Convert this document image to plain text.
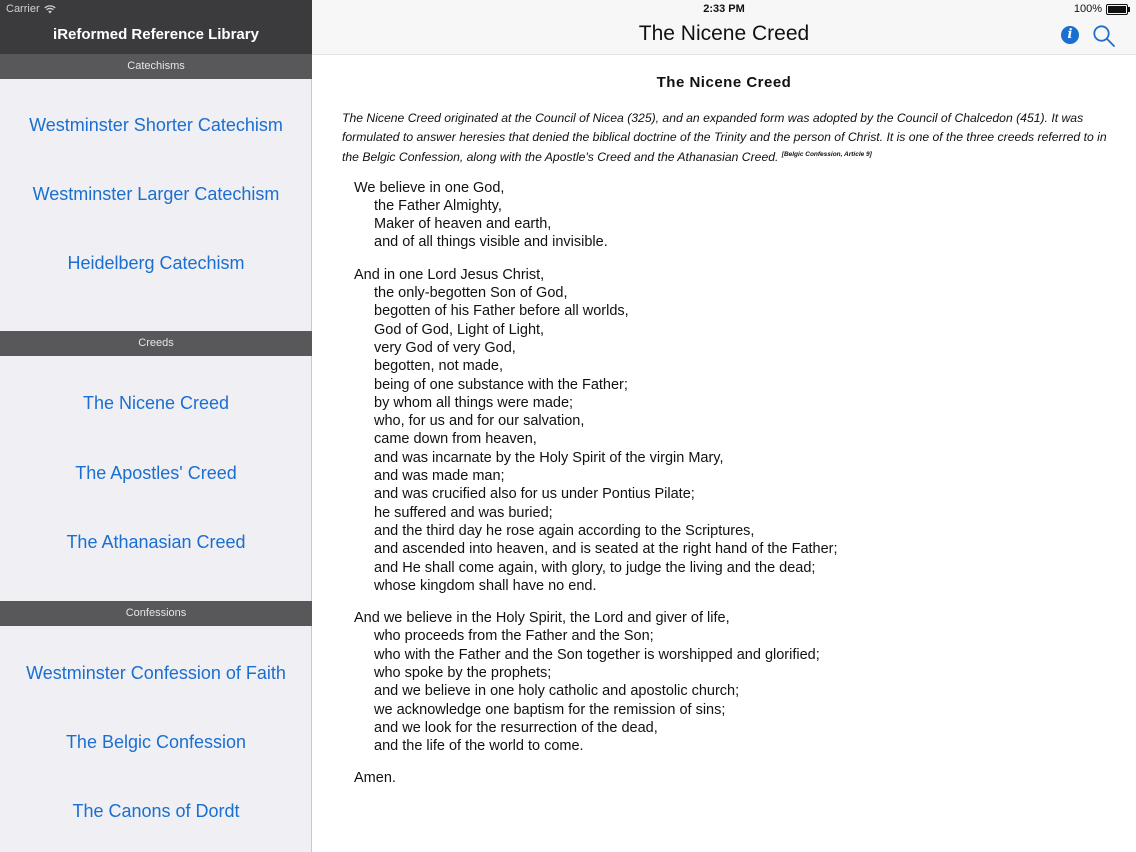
Carrier
iReformed Reference Library
Catechisms
Westminster Shorter Catechism
Westminster Larger Catechism
Heidelberg Catechism
Creeds
The Nicene Creed
The Apostles' Creed
The Athanasian Creed
Confessions
Westminster Confession of Faith
The Belgic Confession
The Canons of Dordt
2:33 PM	100%
The Nicene Creed	i
The Nicene Creed
The Nicene Creed originated at the Council of Nicea (325), and an expanded form was adopted by the Council of Chalcedon (451). It was formulated to answer heresies that denied the biblical doctrine of the Trinity and the person of Christ. It is one of the three creeds referred to in the Belgic Confession, along with the Apostle's Creed and the Athanasian Creed. [Belgic Confession, Article 9]
We believe in one God,
the Father Almighty,
Maker of heaven and earth,
and of all things visible and invisible.
And in one Lord Jesus Christ,
the only-begotten Son of God,
begotten of his Father before all worlds,
God of God, Light of Light,
very God of very God,
begotten, not made,
being of one substance with the Father;
by whom all things were made;
who, for us and for our salvation,
came down from heaven,
and was incarnate by the Holy Spirit of the virgin Mary,
and was made man;
and was crucified also for us under Pontius Pilate;
he suffered and was buried;
and the third day he rose again according to the Scriptures,
and ascended into heaven, and is seated at the right hand of the Father;
and He shall come again, with glory, to judge the living and the dead;
whose kingdom shall have no end.
And we believe in the Holy Spirit, the Lord and giver of life,
who proceeds from the Father and the Son;
who with the Father and the Son together is worshipped and glorified;
who spoke by the prophets;
and we believe in one holy catholic and apostolic church;
we acknowledge one baptism for the remission of sins;
and we look for the resurrection of the dead,
and the life of the world to come.
Amen.
